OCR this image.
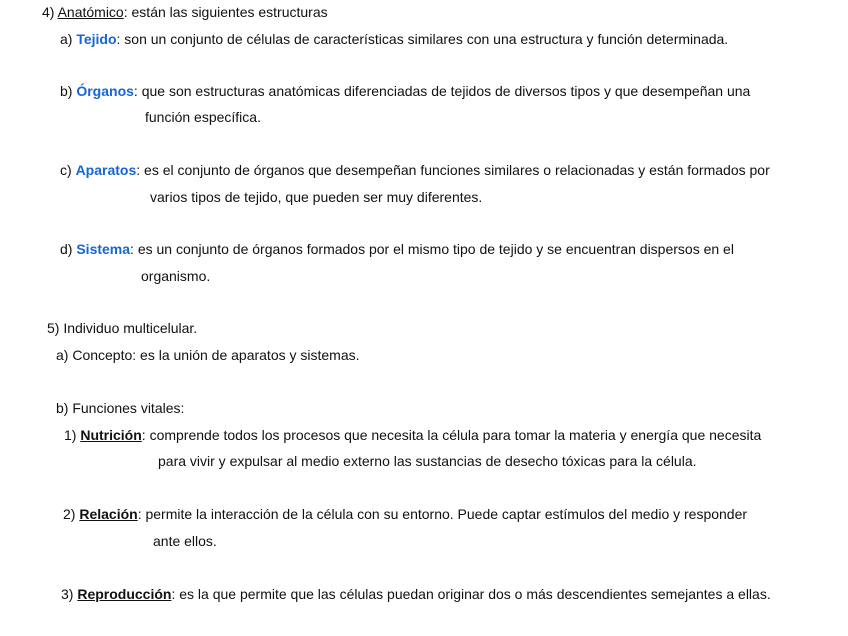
4) Anatómico: están las siguientes estructuras
a) Tejido: son un conjunto de células de características similares con una estructura y función determinada.
b) Órganos: que son estructuras anatómicas diferenciadas de tejidos de diversos tipos y que desempeñan una
función específica.
c) Aparatos: es el conjunto de órganos que desempeñan funciones similares o relacionadas y están formados por
varios tipos de tejido, que pueden ser muy diferentes.
d) Sistema: es un conjunto de órganos formados por el mismo tipo de tejido y se encuentran dispersos en el
organismo.
5) Individuo multicelular.
a) Concepto: es la unión de aparatos y sistemas.
b) Funciones vitales:
1) Nutrición: comprende todos los procesos que necesita la célula para tomar la materia y energía que necesita
para vivir y expulsar al medio externo las sustancias de desecho tóxicas para la célula.
2) Relación: permite la interacción de la célula con su entorno. Puede captar estímulos del medio y responder
ante ellos.
3) Reproducción: es la que permite que las células puedan originar dos o más descendientes semejantes a ellas.
